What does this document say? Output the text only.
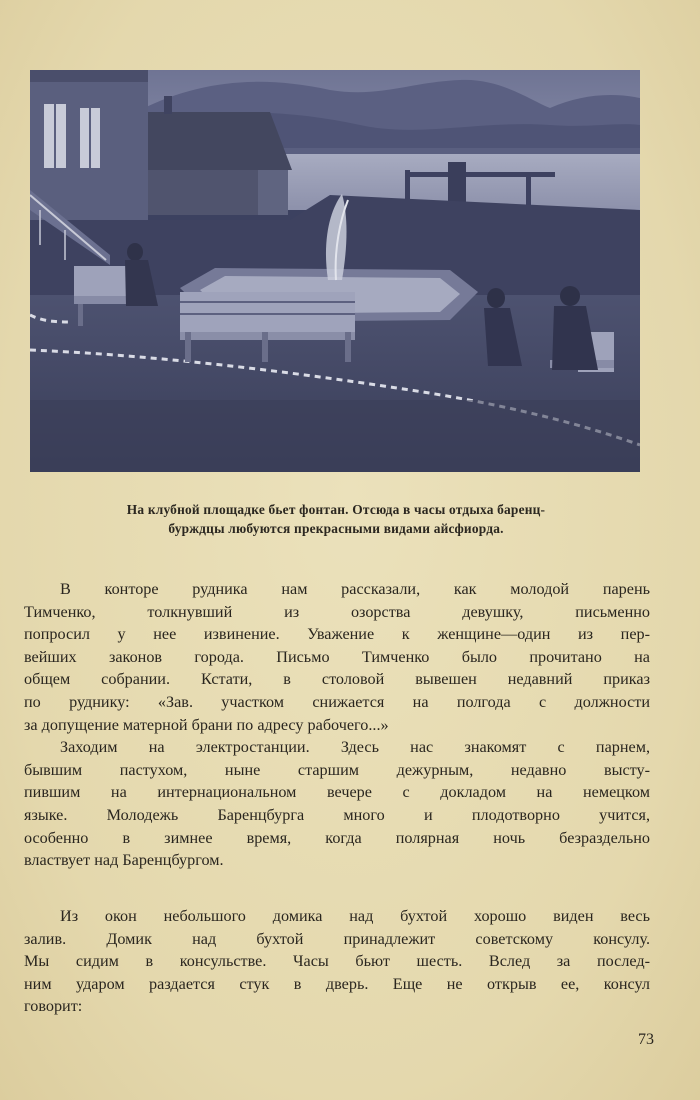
На клубной площадке бьет фонтан. Отсюда в часы отдыха баренц-
бурждцы любуются прекрасными видами айсфиорда.
В конторе рудника нам рассказали, как молодой парень
Тимченко, толкнувший из озорства девушку, письменно
попросил у нее извинение. Уважение к женщине—один из пер-
вейших законов города. Письмо Тимченко было прочитано на
общем собрании. Кстати, в столовой вывешен недавний приказ
по руднику: «Зав. участком снижается на полгода с должности
за допущение матерной брани по адресу рабочего...»
Заходим на электростанции. Здесь нас знакомят с парнем,
бывшим пастухом, ныне старшим дежурным, недавно высту-
пившим на интернациональном вечере с докладом на немецком
языке. Молодежь Баренцбурга много и плодотворно учится,
особенно в зимнее время, когда полярная ночь безраздельно
властвует над Баренцбургом.
Из окон небольшого домика над бухтой хорошо виден весь
залив. Домик над бухтой принадлежит советскому консулу.
Мы сидим в консульстве. Часы бьют шесть. Вслед за послед-
ним ударом раздается стук в дверь. Еще не открыв ее, консул
говорит:
73
